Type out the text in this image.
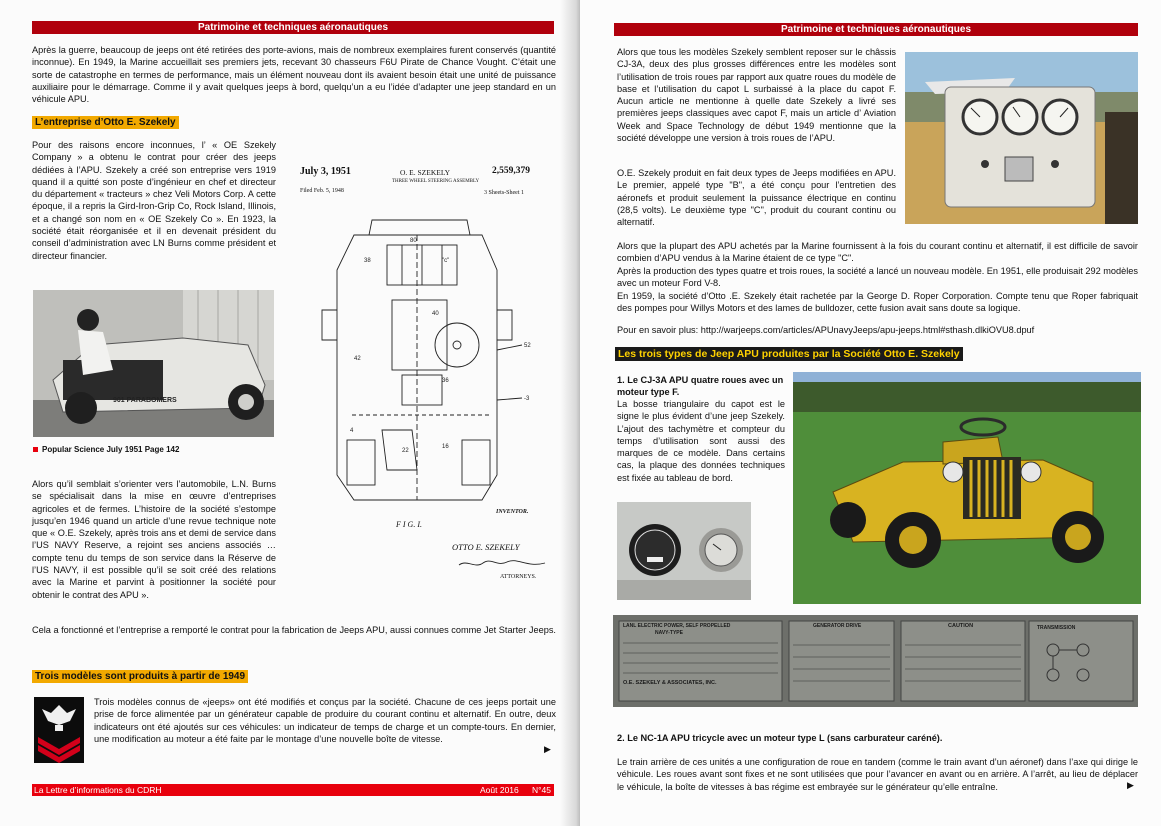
Patrimoine et techniques aéronautiques

Après la guerre, beaucoup de jeeps ont été retirées des porte-avions, mais de nombreux exemplaires furent conservés (quantité inconnue). En 1949, la Marine accueillait ses premiers jets, recevant 30 chasseurs F6U Pirate de Chance Vought. C’était une sorte de catastrophe en termes de performance, mais un élément nouveau dont ils avaient besoin était une unité de puissance auxiliaire pour le démarrage. Comme il y avait quelques jeeps à bord, quelqu’un a eu l’idée d’adapter une jeep standard en un véhicule APU.

L’entreprise d’Otto E. Szekely

Pour des raisons encore inconnues, l’ « OE Szekely Company » a obtenu le contrat pour créer des jeeps dédiées à l’APU. Szekely a créé son entreprise vers 1919 quand il a quitté son poste d’ingénieur en chef et directeur du département « tracteurs » chez Veli Motors Corp. A cette époque, il a repris la Gird-Iron-Grip Co, Rock Island, Illinois, et a changé son nom en « OE Szekely Co ». En 1923, la société était réorganisée et il en devenait président du conseil d’administration avec LN Burns comme président et directeur financier.

901 PARABOMERS
Popular Science July 1951 Page 142

Alors qu’il semblait s’orienter vers l’automobile, L.N. Burns se spécialisait dans la mise en œuvre d’entreprises agricoles et de fermes. L’histoire de la société s’estompe jusqu’en 1946 quand un article d’une revue technique note que « O.E. Szekely, après trois ans et demi de service dans l’US NAVY Reserve, a rejoint ses anciens associés … compte tenu du temps de son service dans la Réserve de l’US NAVY, il est possible qu’il se soit créé des relations avec la Marine et parvint à positionner la société pour obtenir le contrat des APU ».

July 3, 1951	O. E. SZEKELY	2,559,379
THREE WHEEL STEERING ASSEMBLY
Filed Feb. 5, 1948	3 Sheets-Sheet 1
52
-3
80
38	"c"
40
42
36
4
16
22
F I G. I.
INVENTOR.
OTTO E. SZEKELY
ATTORNEYS.

Cela a fonctionné et l’entreprise a remporté le contrat pour la fabrication de Jeeps APU, aussi connues comme Jet Starter Jeeps.

Trois modèles sont produits à partir de 1949

Trois modèles connus de «jeeps» ont été modifiés et conçus par la société. Chacune de ces jeeps portait une prise de force alimentée par un générateur capable de produire du courant continu et alternatif. En outre, deux indicateurs ont été ajoutés sur ces véhicules: un indicateur de temps de charge et un compte-tours. En dernier, une modification au moteur a été faite par le montage d’une nouvelle boîte de vitesse.

▶
La Lettre d’informations du CDRH	Août 2016 N°45
Patrimoine et techniques aéronautiques

Alors que tous les modèles Szekely semblent reposer sur le châssis CJ-3A, deux des plus grosses différences entre les modèles sont l’utilisation de trois roues par rapport aux quatre roues du modèle de base et l’utilisation du capot L surbaissé à la place du capot F. Aucun article ne mentionne à quelle date Szekely a livré ses premières jeeps classiques avec capot F, mais un article d’ Aviation Week and Space Technology de début 1949 mentionne que la société développe une version à trois roues de l’APU.

O.E. Szekely produit en fait deux types de Jeeps modifiées en APU. Le premier, appelé type "B", a été conçu pour l’entretien des aéronefs et produit seulement la puissance électrique en continu (28,5 volts). Le deuxième type "C", produit du courant continu ou alternatif.

Alors que la plupart des APU achetés par la Marine fournissent à la fois du courant continu et alternatif, il est difficile de savoir combien d’APU vendus à la Marine étaient de ce type "C".

Après la production des types quatre et trois roues, la société a lancé un nouveau modèle. En 1951, elle produisait 292 modèles avec un moteur Ford V-8.

En 1959, la société d’Otto .E. Szekely était rachetée par la George D. Roper Corporation. Compte tenu que Roper fabriquait des pompes pour Willys Motors et des lames de bulldozer, cette fusion avait sans doute sa logique.

Pour en savoir plus: http://warjeeps.com/articles/APUnavyJeeps/apu-jeeps.html#sthash.dlkiOVU8.dpuf

Les trois types de Jeep APU produites par la Société Otto E. Szekely

1. Le CJ-3A APU quatre roues avec un moteur type F.

La bosse triangulaire du capot est le signe le plus évident d’une jeep Szekely. L’ajout des tachymètre et compteur du temps d’utilisation sont aussi des marques de ce modèle. Dans certains cas, la plaque des données techniques est fixée au tableau de bord.

LANL ELECTRIC POWER, SELF PROPELLED
NAVY-TYPE
O.E. SZEKELY & ASSOCIATES, INC.
GENERATOR DRIVE	CAUTION	TRANSMISSION

2. Le NC-1A APU tricycle avec un moteur type L (sans carburateur caréné).

Le train arrière de ces unités a une configuration de roue en tandem (comme le train avant d’un aéronef) dans l’axe qui dirige le véhicule. Les roues avant sont fixes et ne sont utilisées que pour l’avancer en avant ou en arrière. A l’arrêt, au lieu de déplacer le véhicule, la boîte de vitesses à bas régime est embrayée sur le générateur qu’elle entraîne.	▶
